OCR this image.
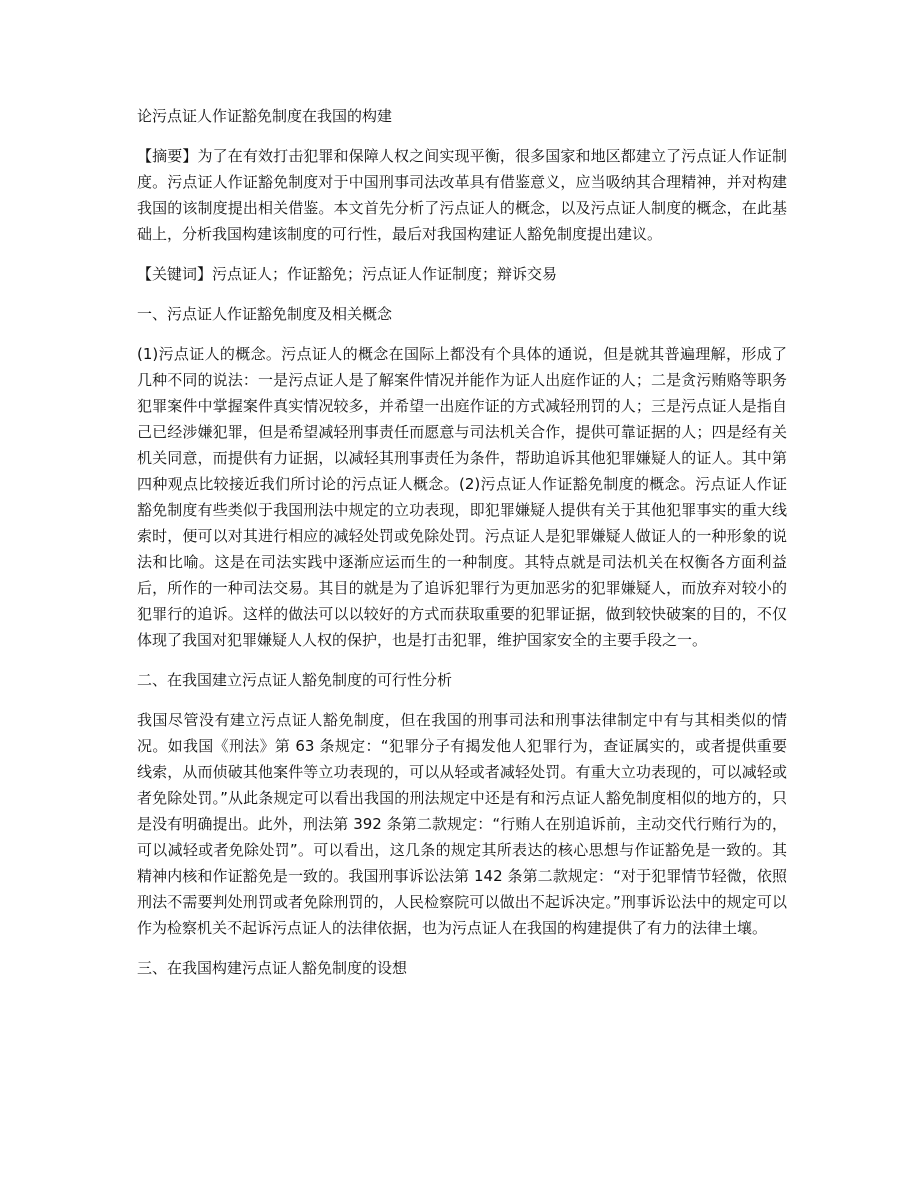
论污点证人作证豁免制度在我国的构建

【摘要】为了在有效打击犯罪和保障人权之间实现平衡，很多国家和地区都建立了污点证人作证制度。污点证人作证豁免制度对于中国刑事司法改革具有借鉴意义，应当吸纳其合理精神，并对构建我国的该制度提出相关借鉴。本文首先分析了污点证人的概念，以及污点证人制度的概念，在此基础上，分析我国构建该制度的可行性，最后对我国构建证人豁免制度提出建议。

【关键词】污点证人；作证豁免；污点证人作证制度；辩诉交易

一、污点证人作证豁免制度及相关概念

(1)污点证人的概念。污点证人的概念在国际上都没有个具体的通说，但是就其普遍理解，形成了几种不同的说法：一是污点证人是了解案件情况并能作为证人出庭作证的人；二是贪污贿赂等职务犯罪案件中掌握案件真实情况较多，并希望一出庭作证的方式减轻刑罚的人；三是污点证人是指自己已经涉嫌犯罪，但是希望减轻刑事责任而愿意与司法机关合作，提供可靠证据的人；四是经有关机关同意，而提供有力证据，以减轻其刑事责任为条件，帮助追诉其他犯罪嫌疑人的证人。其中第四种观点比较接近我们所讨论的污点证人概念。(2)污点证人作证豁免制度的概念。污点证人作证豁免制度有些类似于我国刑法中规定的立功表现，即犯罪嫌疑人提供有关于其他犯罪事实的重大线索时，便可以对其进行相应的减轻处罚或免除处罚。污点证人是犯罪嫌疑人做证人的一种形象的说法和比喻。这是在司法实践中逐渐应运而生的一种制度。其特点就是司法机关在权衡各方面利益后，所作的一种司法交易。其目的就是为了追诉犯罪行为更加恶劣的犯罪嫌疑人，而放弃对较小的犯罪行的追诉。这样的做法可以以较好的方式而获取重要的犯罪证据，做到较快破案的目的，不仅体现了我国对犯罪嫌疑人人权的保护，也是打击犯罪，维护国家安全的主要手段之一。

二、在我国建立污点证人豁免制度的可行性分析

我国尽管没有建立污点证人豁免制度，但在我国的刑事司法和刑事法律制定中有与其相类似的情况。如我国《刑法》第 63 条规定：“犯罪分子有揭发他人犯罪行为，查证属实的，或者提供重要线索，从而侦破其他案件等立功表现的，可以从轻或者减轻处罚。有重大立功表现的，可以减轻或者免除处罚。”从此条规定可以看出我国的刑法规定中还是有和污点证人豁免制度相似的地方的，只是没有明确提出。此外，刑法第 392 条第二款规定：“行贿人在别追诉前，主动交代行贿行为的，可以减轻或者免除处罚”。可以看出，这几条的规定其所表达的核心思想与作证豁免是一致的。其精神内核和作证豁免是一致的。我国刑事诉讼法第 142 条第二款规定：“对于犯罪情节轻微，依照刑法不需要判处刑罚或者免除刑罚的，人民检察院可以做出不起诉决定。”刑事诉讼法中的规定可以作为检察机关不起诉污点证人的法律依据，也为污点证人在我国的构建提供了有力的法律土壤。

三、在我国构建污点证人豁免制度的设想
